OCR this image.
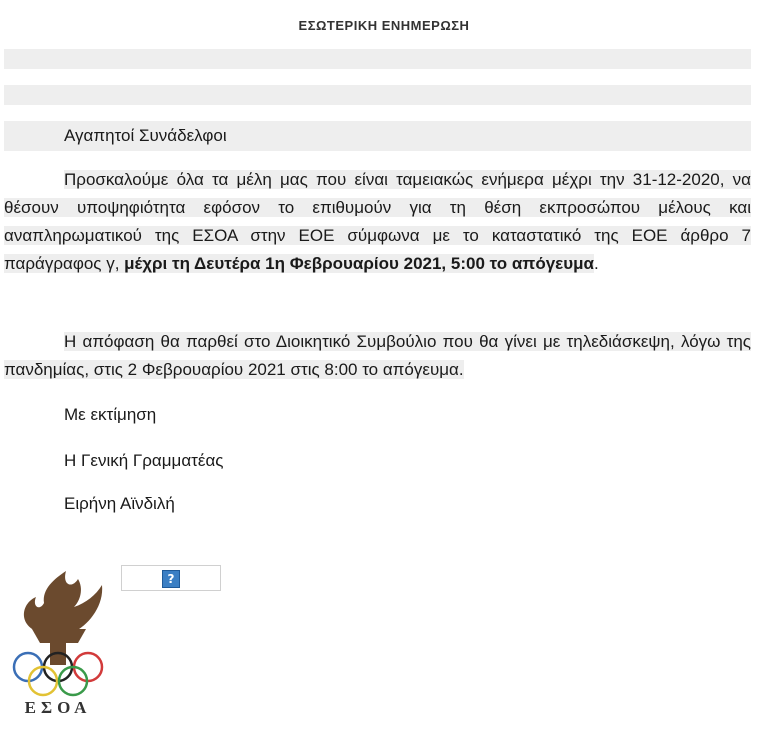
ΕΣΩΤΕΡΙΚΗ ΕΝΗΜΕΡΩΣΗ
Αγαπητοί Συνάδελφοι
Προσκαλούμε όλα τα μέλη μας που είναι ταμειακώς ενήμερα μέχρι την 31-12-2020, να θέσουν υποψηφιότητα εφόσον το επιθυμούν για τη θέση εκπροσώπου μέλους και αναπληρωματικού της ΕΣΟΑ στην ΕΟΕ σύμφωνα με το καταστατικό της ΕΟΕ άρθρο 7 παράγραφος γ, μέχρι τη Δευτέρα 1η Φεβρουαρίου 2021, 5:00 το απόγευμα.
Η απόφαση θα παρθεί στο Διοικητικό Συμβούλιο που θα γίνει με τηλεδιάσκεψη, λόγω της πανδημίας, στις 2 Φεβρουαρίου 2021 στις 8:00 το απόγευμα.
Με εκτίμηση
Η Γενική Γραμματέας
Ειρήνη Αϊνδιλή
?
ΕΣΟΑ
